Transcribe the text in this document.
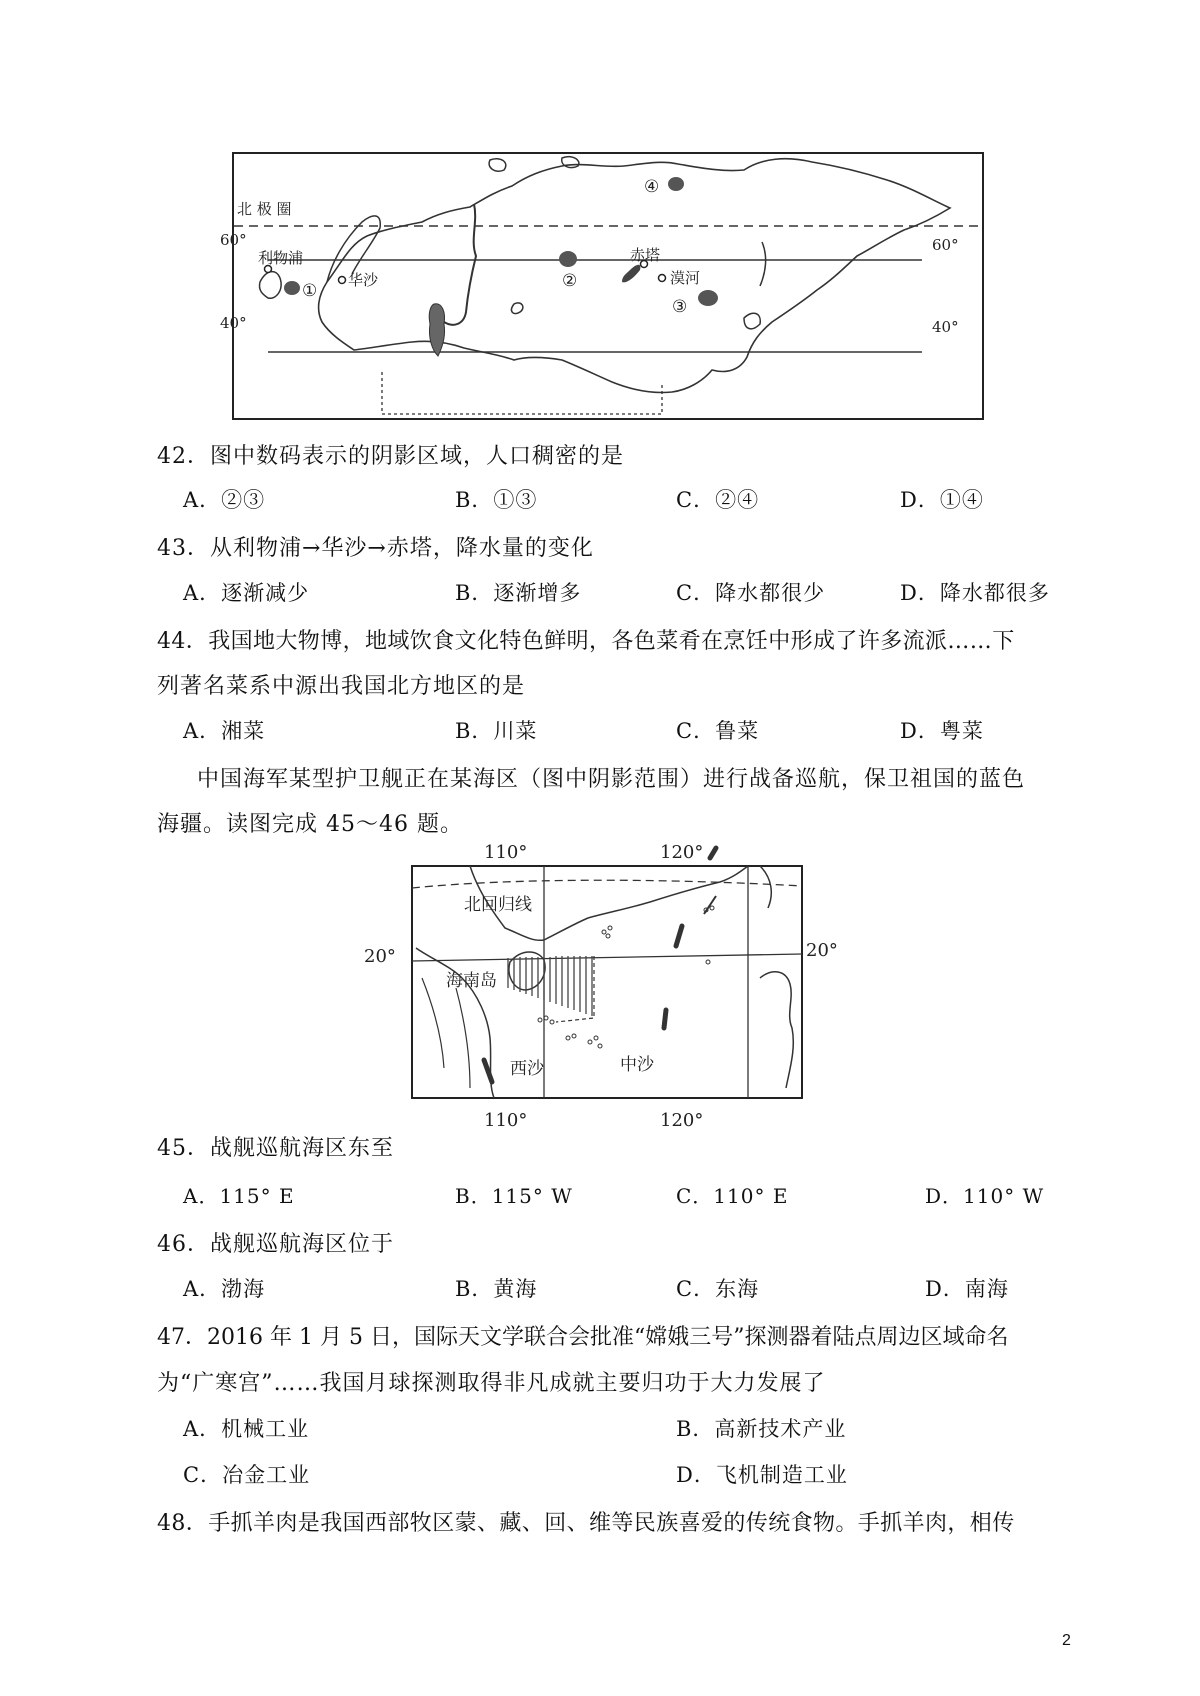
①	②
③
④
利物浦
华沙
赤塔
漠河
北 极 圈
60°	60°
40°	40°
42．图中数码表示的阴影区域，人口稠密的是
A．②③	B．①③	C．②④	D．①④
43．从利物浦→华沙→赤塔，降水量的变化
A．逐渐减少	B．逐渐增多	C．降水都很少	D．降水都很多
44．我国地大物博，地域饮食文化特色鲜明，各色菜肴在烹饪中形成了许多流派……下
列著名菜系中源出我国北方地区的是
A．湘菜	B．川菜	C．鲁菜	D．粤菜
中国海军某型护卫舰正在某海区（图中阴影范围）进行战备巡航，保卫祖国的蓝色
海疆。读图完成 45～46 题。
110°	120°
110°	120°
20°	20°
北回归线
海南岛
西沙	中沙
45．战舰巡航海区东至
A．115° E	B．115° W	C．110° E	D．110° W
46．战舰巡航海区位于
A．渤海	B．黄海	C．东海	D．南海
47．2016 年 1 月 5 日，国际天文学联合会批准“嫦娥三号”探测器着陆点周边区域命名
为“广寒宫”……我国月球探测取得非凡成就主要归功于大力发展了
A．机械工业	B．高新技术产业
C．冶金工业	D．飞机制造工业
48．手抓羊肉是我国西部牧区蒙、藏、回、维等民族喜爱的传统食物。手抓羊肉，相传
2
